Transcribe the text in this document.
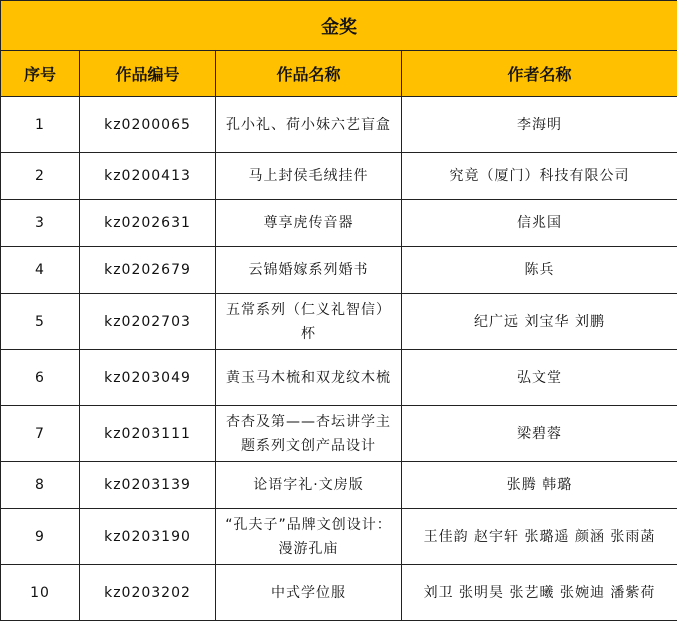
金奖			
序号	作品编号	作品名称	作者名称
1	kz0200065	孔小礼、荷小妹六艺盲盒	李海明
2	kz0200413	马上封侯毛绒挂件	究竟（厦门）科技有限公司
3	kz0202631	尊享虎传音器	信兆国
4	kz0202679	云锦婚嫁系列婚书	陈兵
5	kz0202703	五常系列（仁义礼智信）杯	纪广远 刘宝华 刘鹏
6	kz0203049	黄玉马木梳和双龙纹木梳	弘文堂
7	kz0203111	杏杏及第——杏坛讲学主题系列文创产品设计	梁碧蓉
8	kz0203139	论语字礼·文房版	张腾 韩璐
9	kz0203190	“孔夫子”品牌文创设计：漫游孔庙	王佳韵 赵宇轩 张璐遥 颜涵 张雨菡
10	kz0203202	中式学位服	刘卫 张明昊 张艺曦 张婉迪 潘紫荷
